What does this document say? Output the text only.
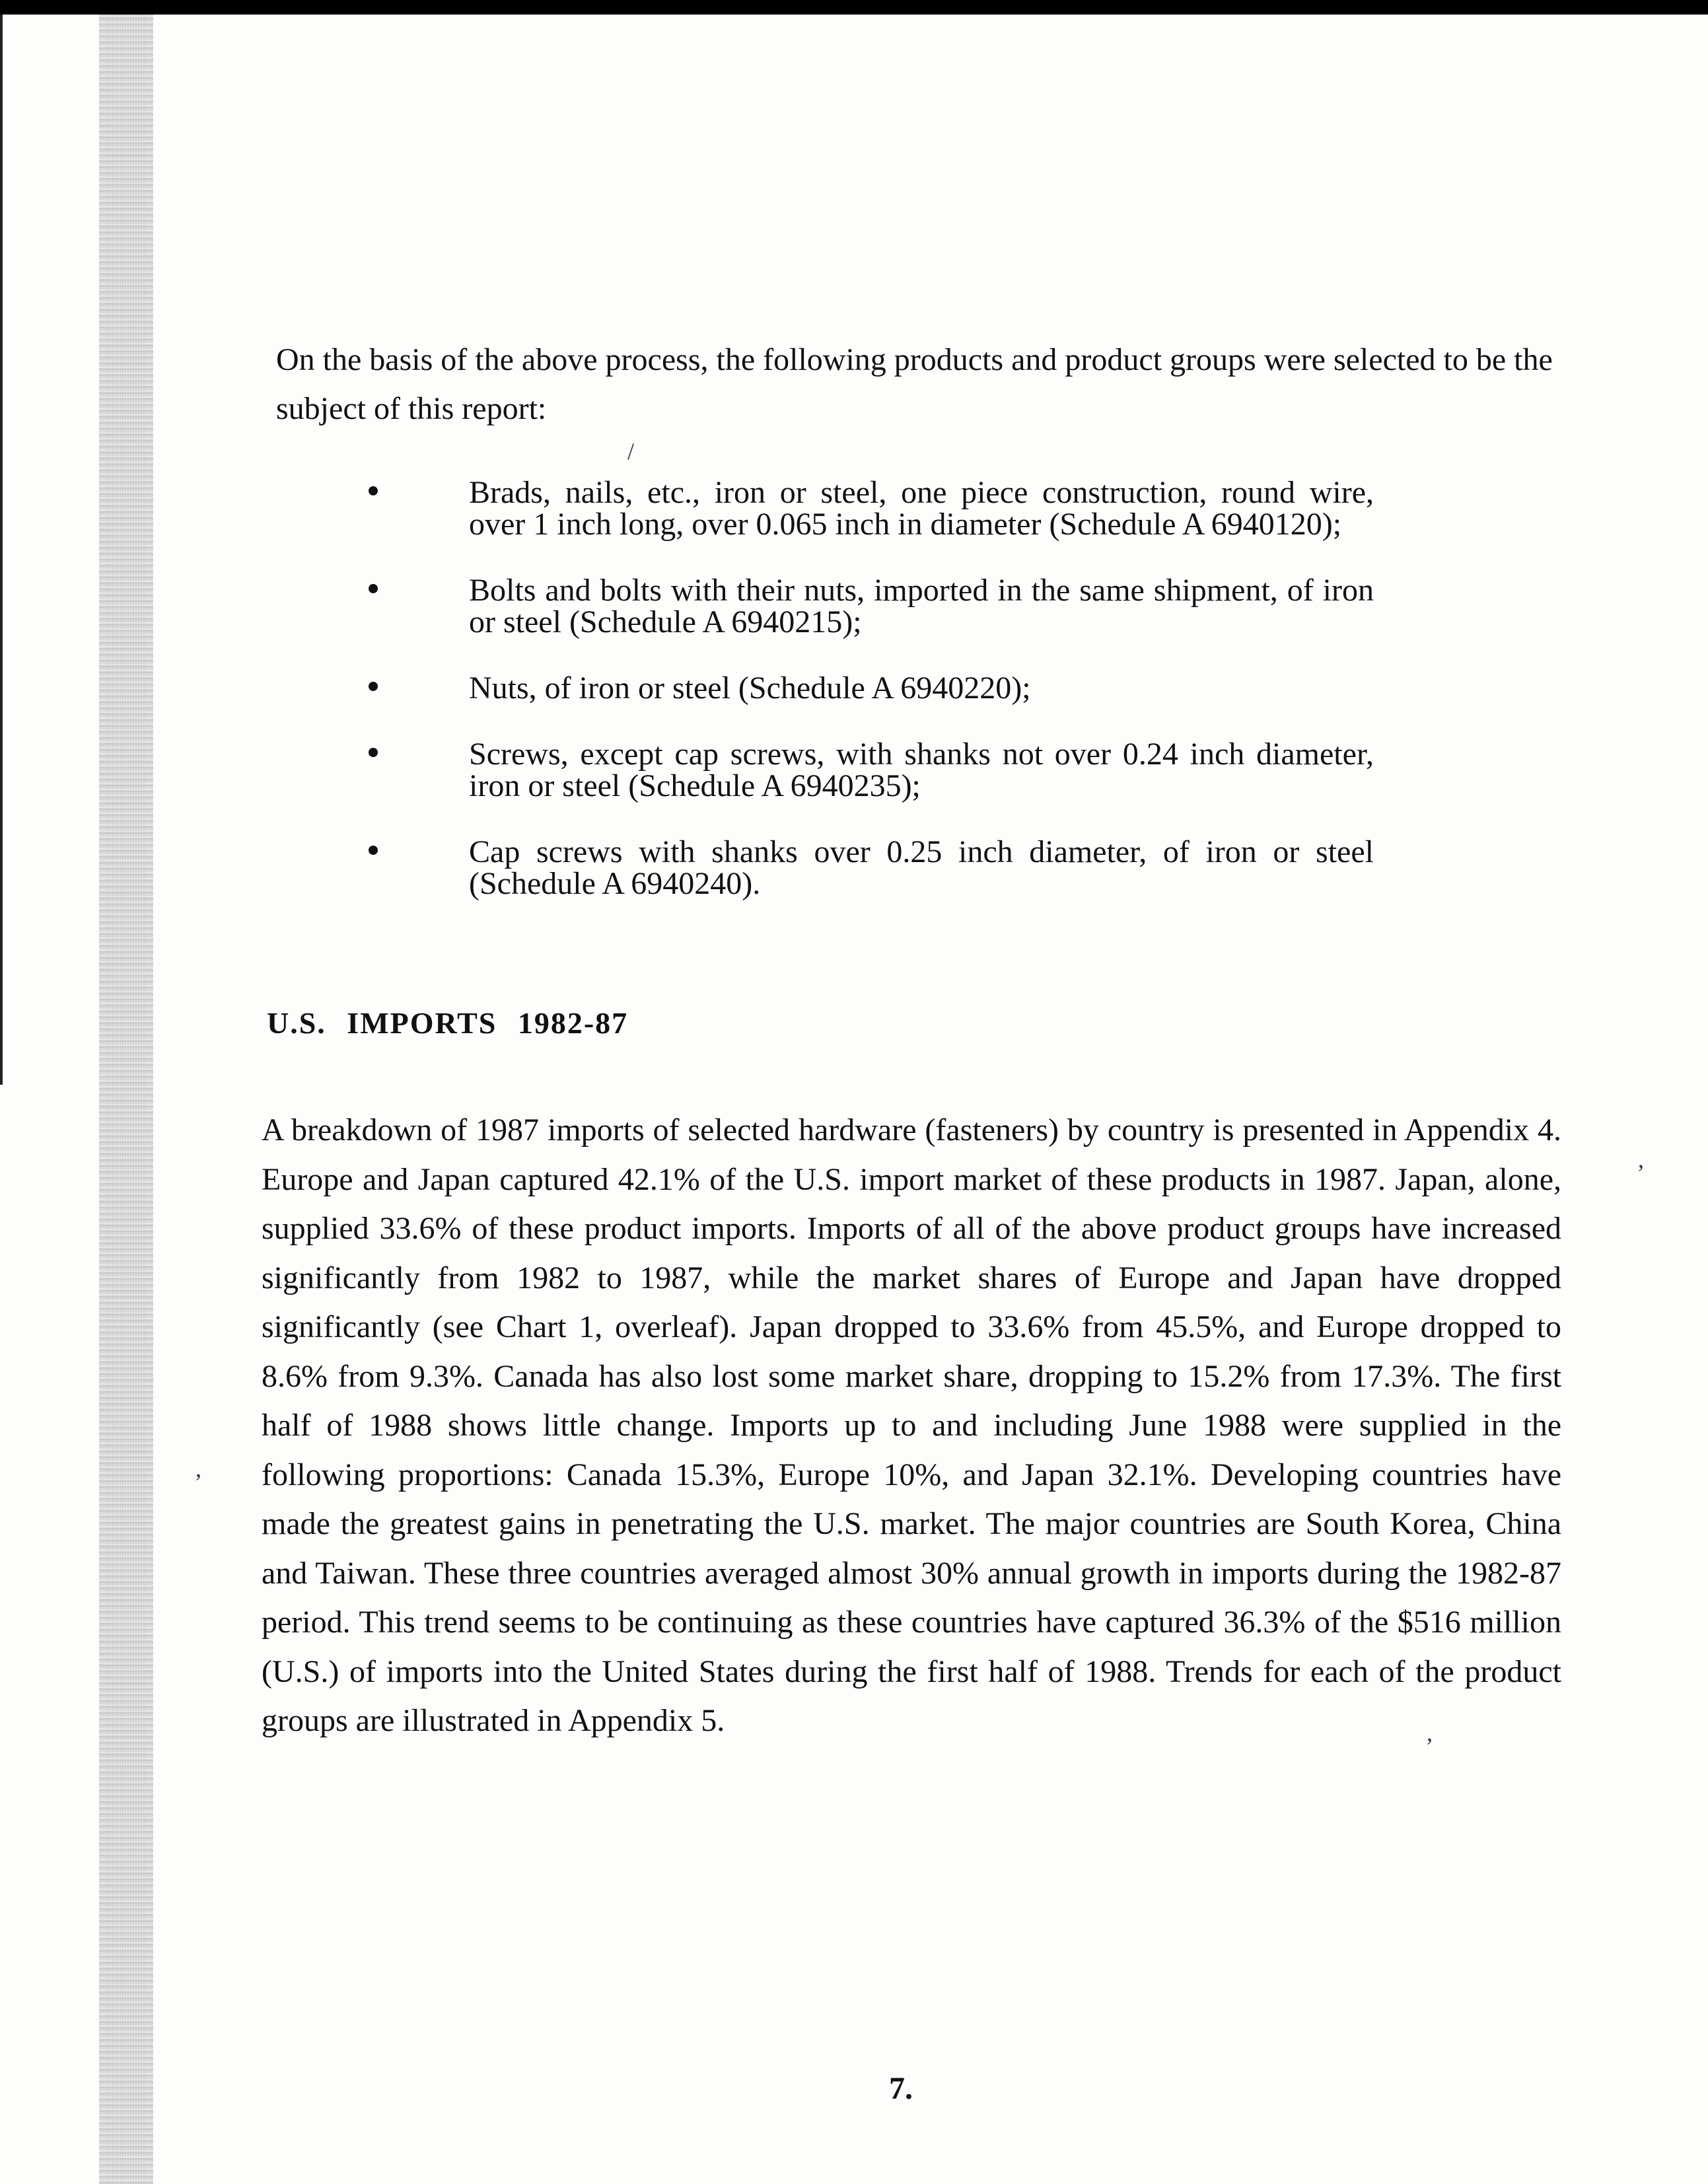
On the basis of the above process, the following products and product groups were selected to be the subject of this report:

Brads, nails, etc., iron or steel, one piece construction, round wire, over 1 inch long, over 0.065 inch in diameter (Schedule A 6940120);
Bolts and bolts with their nuts, imported in the same shipment, of iron or steel (Schedule A 6940215);
Nuts, of iron or steel (Schedule A 6940220);
Screws, except cap screws, with shanks not over 0.24 inch diameter, iron or steel (Schedule A 6940235);
Cap screws with shanks over 0.25 inch diameter, of iron or steel (Schedule A 6940240).
U.S. IMPORTS 1982-87

A breakdown of 1987 imports of selected hardware (fasteners) by country is presented in Appendix 4. Europe and Japan captured 42.1% of the U.S. import market of these products in 1987. Japan, alone, supplied 33.6% of these product imports. Imports of all of the above product groups have increased significantly from 1982 to 1987, while the market shares of Europe and Japan have dropped significantly (see Chart 1, overleaf). Japan dropped to 33.6% from 45.5%, and Europe dropped to 8.6% from 9.3%. Canada has also lost some market share, dropping to 15.2% from 17.3%. The first half of 1988 shows little change. Imports up to and including June 1988 were supplied in the following proportions: Canada 15.3%, Europe 10%, and Japan 32.1%. Developing countries have made the greatest gains in penetrating the U.S. market. The major countries are South Korea, China and Taiwan. These three countries averaged almost 30% annual growth in imports during the 1982-87 period. This trend seems to be continuing as these countries have captured 36.3% of the $516 million (U.S.) of imports into the United States during the first half of 1988. Trends for each of the product groups are illustrated in Appendix 5.

7.

/
,
,
,
